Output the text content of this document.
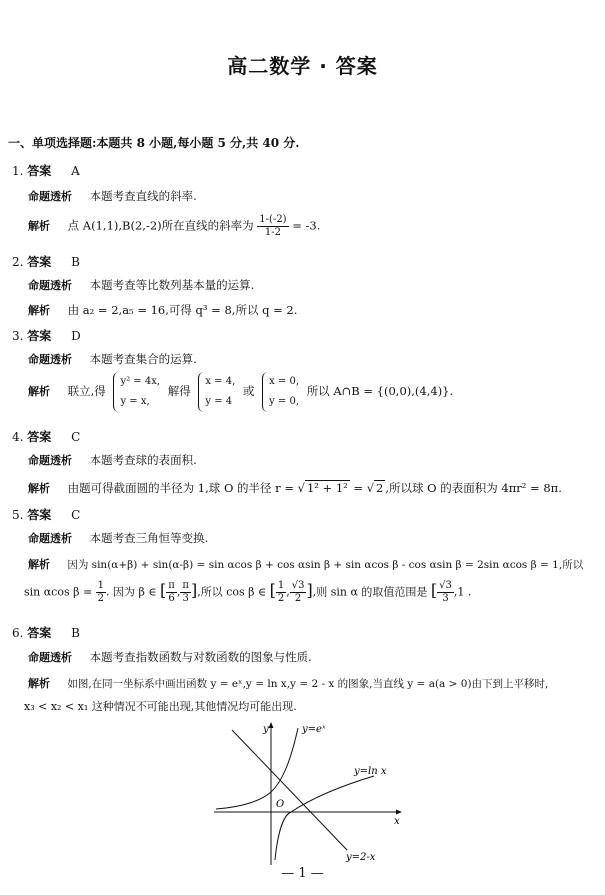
高二数学 · 答案
一、单项选择题:本题共 8 小题,每小题 5 分,共 40 分.
1. 答案 A
命题透析 本题考查直线的斜率.
解析 点 A(1,1),B(2,-2)所在直线的斜率为 $\frac{1-(-2)}{1-2} = -3$.
2. 答案 B
命题透析 本题考查等比数列基本量的运算.
解析 由 a₂ = 2,a₅ = 16,可得 q³ = 8,所以 q = 2.
3. 答案 D
命题透析 本题考查集合的运算.
解析 联立,得
y² = 4x,
y = x,
解得
x = 4,
y = 4
或
x = 0,
y = 0,
所以 A∩B = {(0,0),(4,4)}.
4. 答案 C
命题透析 本题考查球的表面积.
解析 由题可得截面圆的半径为 1,球 O 的半径 r = √ 1² + 1² = √ 2 ,所以球 O 的表面积为 4πr² = 8π.
5. 答案 C
命题透析 本题考查三角恒等变换.
解析 因为 sin(α+β) + sin(α-β) = sin αcos β + cos αsin β + sin αcos β - cos αsin β = 2sin αcos β = 1,所以
sin αcos $\beta = \frac{1}{2}$ . 因为 β ∈ [ $\frac{\pi}{6}$ , $\frac{\pi}{3}$ ],所以 cos β ∈ [ $\frac{1}{2}$ , $\frac{√3}{2}$ ],则 sin α 的取值范围是 [ $\frac{√3}{3} ,1$ .
6. 答案 B
命题透析 本题考查指数函数与对数函数的图象与性质.
解析 如图,在同一坐标系中画出函数 y = eˣ,y = ln x,y = 2 - x 的图象,当直线 y = a(a > 0)由下到上平移时,
x₃ < x₂ < x₁ 这种情况不可能出现,其他情况均可能出现.
y=eˣ
y=ln x
y=2-x
y
x
O
— 1 —
